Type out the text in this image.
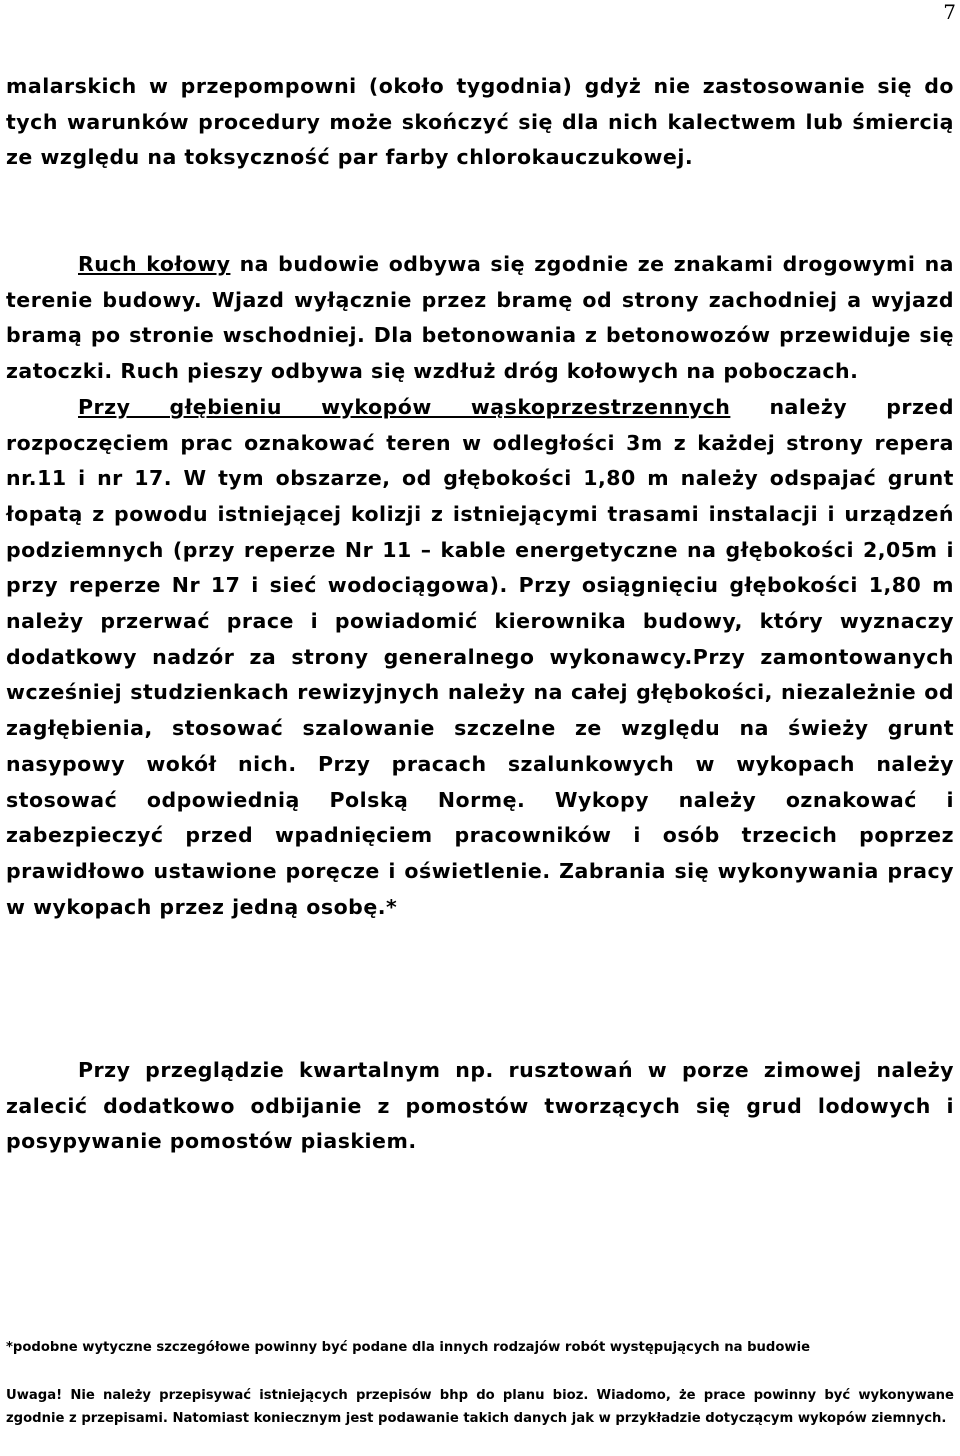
7

malarskich w przepompowni (około tygodnia) gdyż nie zastosowanie się do tych warunków procedury może skończyć się dla nich kalectwem lub śmiercią ze względu na toksyczność par farby chlorokauczukowej.

Ruch kołowy na budowie odbywa się zgodnie ze znakami drogowymi na terenie budowy. Wjazd wyłącznie przez bramę od strony zachodniej a wyjazd bramą po stronie wschodniej. Dla betonowania z betonowozów przewiduje się zatoczki. Ruch pieszy odbywa się wzdłuż dróg kołowych na poboczach.
Przy głębieniu wykopów wąskoprzestrzennych należy przed rozpoczęciem prac oznakować teren w odległości 3m z każdej strony repera nr.11 i nr 17. W tym obszarze, od głębokości 1,80 m należy odspajać grunt łopatą z powodu istniejącej kolizji z istniejącymi trasami instalacji i urządzeń podziemnych (przy reperze Nr 11 – kable energetyczne na głębokości 2,05m i przy reperze Nr 17 i sieć wodociągowa). Przy osiągnięciu głębokości 1,80 m należy przerwać prace i powiadomić kierownika budowy, który wyznaczy dodatkowy nadzór za strony generalnego wykonawcy.Przy zamontowanych wcześniej studzienkach rewizyjnych należy na całej głębokości, niezależnie od zagłębienia, stosować szalowanie szczelne ze względu na świeży grunt nasypowy wokół nich. Przy pracach szalunkowych w wykopach należy stosować odpowiednią Polską Normę. Wykopy należy oznakować i zabezpieczyć przed wpadnięciem pracowników i osób trzecich poprzez prawidłowo ustawione poręcze i oświetlenie. Zabrania się wykonywania pracy w wykopach przez jedną osobę.*

Przy przeglądzie kwartalnym np. rusztowań w porze zimowej należy zalecić dodatkowo odbijanie z pomostów tworzących się grud lodowych i posypywanie pomostów piaskiem.

*podobne wytyczne szczegółowe powinny być podane dla innych rodzajów robót występujących na budowie

Uwaga! Nie należy przepisywać istniejących przepisów bhp do planu bioz. Wiadomo, że prace powinny być wykonywane zgodnie z przepisami. Natomiast koniecznym jest podawanie takich danych jak w przykładzie dotyczącym wykopów ziemnych.
